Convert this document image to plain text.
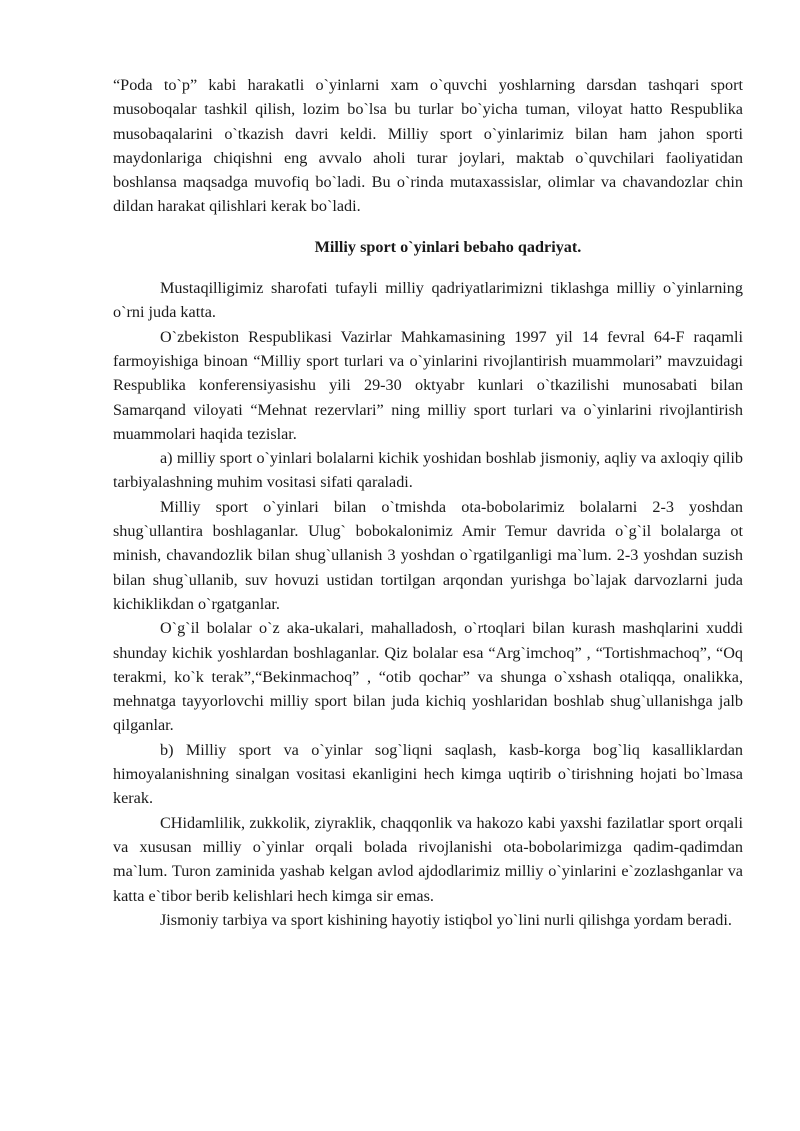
“Poda to`p” kabi harakatli o`yinlarni xam o`quvchi yoshlarning darsdan tashqari sport musoboqalar tashkil qilish, lozim bo`lsa bu turlar bo`yicha tuman, viloyat hatto Respublika musobaqalarini o`tkazish davri keldi. Milliy sport o`yinlarimiz bilan ham jahon sporti maydonlariga chiqishni eng avvalo aholi turar joylari, maktab o`quvchilari faoliyatidan boshlansa maqsadga muvofiq bo`ladi. Bu o`rinda mutaxassislar, olimlar va chavandozlar chin dildan harakat qilishlari kerak bo`ladi.

Milliy sport o`yinlari bebaho qadriyat.

Mustaqilligimiz sharofati tufayli milliy qadriyatlarimizni tiklashga milliy o`yinlarning o`rni juda katta.

O`zbekiston Respublikasi Vazirlar Mahkamasining 1997 yil 14 fevral 64-F raqamli farmoyishiga binoan “Milliy sport turlari va o`yinlarini rivojlantirish muammolari” mavzuidagi Respublika konferensiyasishu yili 29-30 oktyabr kunlari o`tkazilishi munosabati bilan Samarqand viloyati “Mehnat rezervlari” ning milliy sport turlari va o`yinlarini rivojlantirish muammolari haqida tezislar.

a) milliy sport o`yinlari bolalarni kichik yoshidan boshlab jismoniy, aqliy va axloqiy qilib tarbiyalashning muhim vositasi sifati qaraladi.

Milliy sport o`yinlari bilan o`tmishda ota-bobolarimiz bolalarni 2-3 yoshdan shug`ullantira boshlaganlar. Ulug` bobokalonimiz Amir Temur davrida o`g`il bolalarga ot minish, chavandozlik bilan shug`ullanish 3 yoshdan o`rgatilganligi ma`lum. 2-3 yoshdan suzish bilan shug`ullanib, suv hovuzi ustidan tortilgan arqondan yurishga bo`lajak darvozlarni juda kichiklikdan o`rgatganlar.

O`g`il bolalar o`z aka-ukalari, mahalladosh, o`rtoqlari bilan kurash mashqlarini xuddi shunday kichik yoshlardan boshlaganlar. Qiz bolalar esa “Arg`imchoq” , “Tortishmachoq”, “Oq terakmi, ko`k terak”,“Bekinmachoq” , “otib qochar” va shunga o`xshash otaliqqa, onalikka, mehnatga tayyorlovchi milliy sport bilan juda kichiq yoshlaridan boshlab shug`ullanishga jalb qilganlar.

b) Milliy sport va o`yinlar sog`liqni saqlash, kasb-korga bog`liq kasalliklardan himoyalanishning sinalgan vositasi ekanligini hech kimga uqtirib o`tirishning hojati bo`lmasa kerak.

CHidamlilik, zukkolik, ziyraklik, chaqqonlik va hakozo kabi yaxshi fazilatlar sport orqali va xususan milliy o`yinlar orqali bolada rivojlanishi ota-bobolarimizga qadim-qadimdan ma`lum. Turon zaminida yashab kelgan avlod ajdodlarimiz milliy o`yinlarini e`zozlashganlar va katta e`tibor berib kelishlari hech kimga sir emas.

Jismoniy tarbiya va sport kishining hayotiy istiqbol yo`lini nurli qilishga yordam beradi.
